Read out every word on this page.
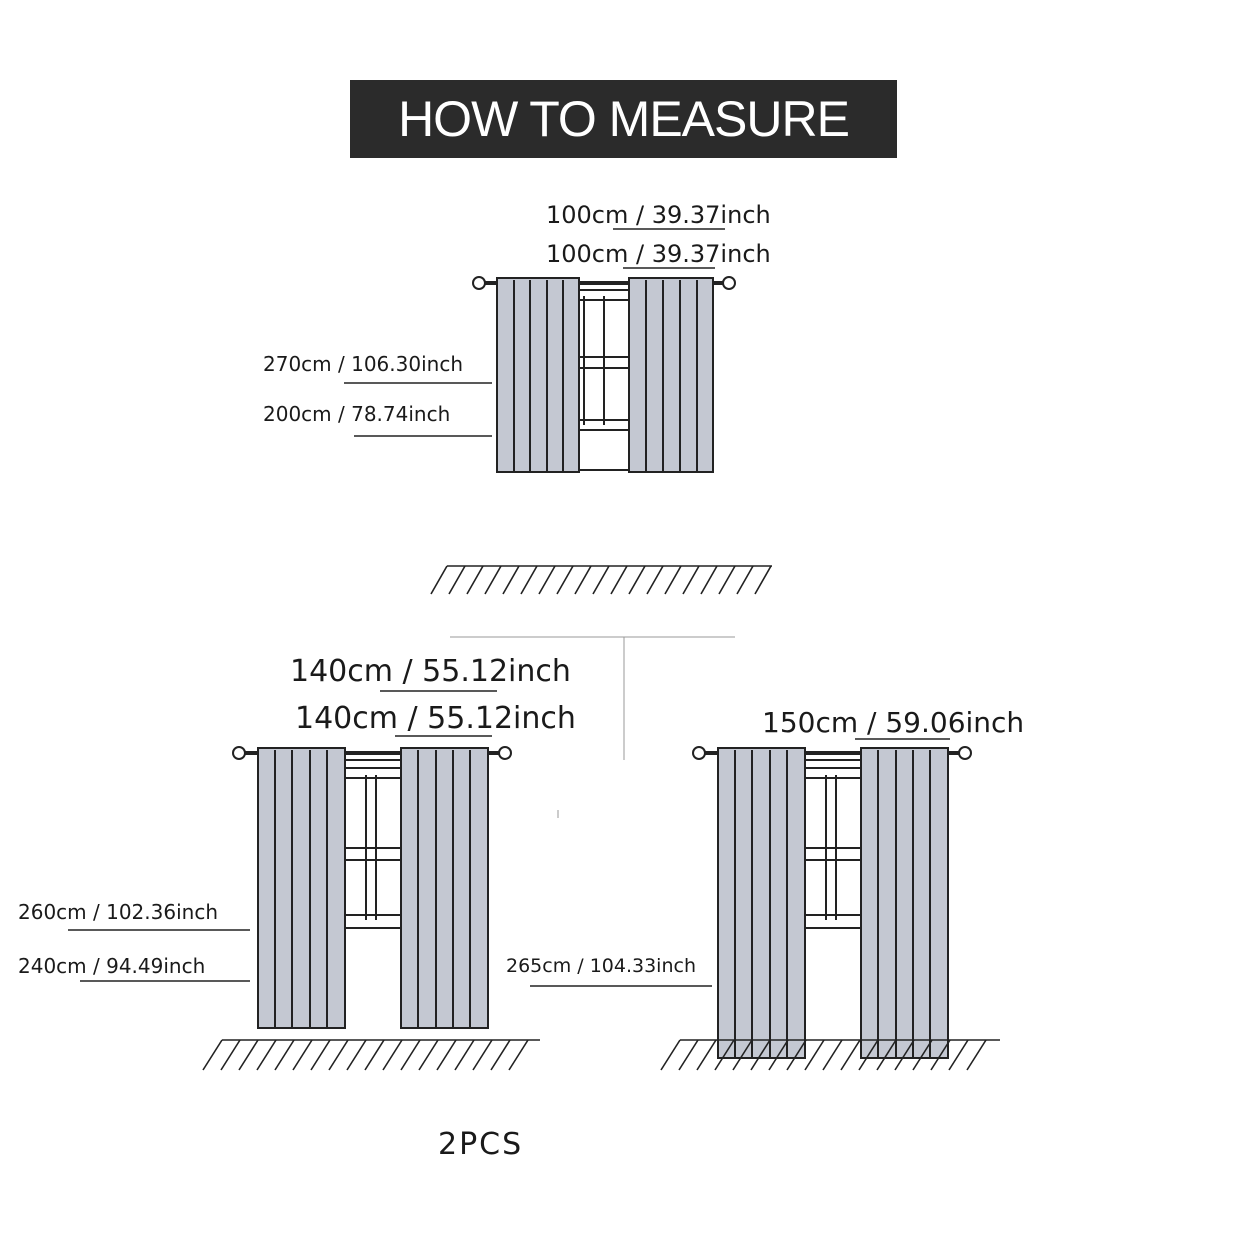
HOW TO MEASURE
100cm / 39.37inch
100cm / 39.37inch
270cm / 106.30inch
200cm / 78.74inch
140cm / 55.12inch
140cm / 55.12inch
260cm / 102.36inch
240cm / 94.49inch
150cm / 59.06inch
265cm / 104.33inch
2PCS
